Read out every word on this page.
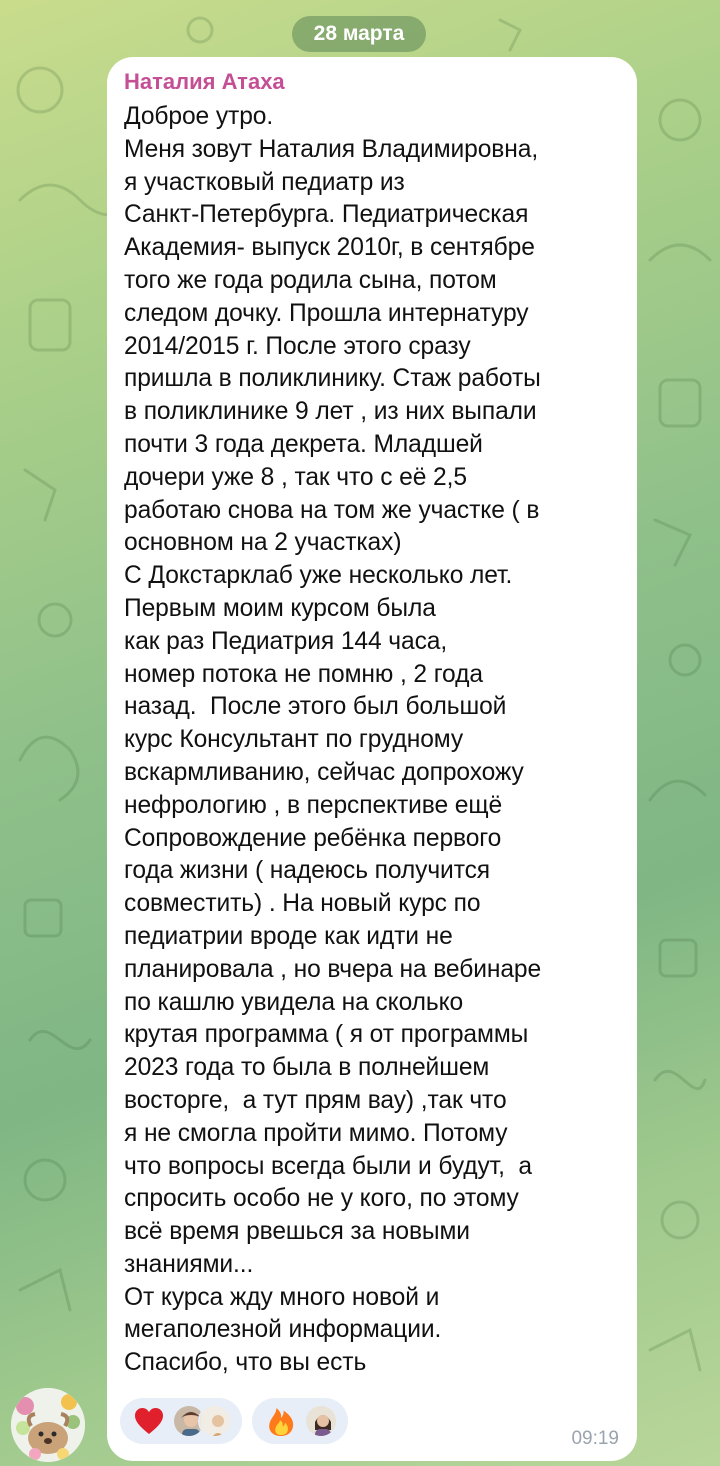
28 марта
Наталия Атаха
Доброе утро.
Меня зовут Наталия Владимировна,
я участковый педиатр из
Санкт-Петербурга. Педиатрическая
Академия- выпуск 2010г, в сентябре
того же года родила сына, потом
следом дочку. Прошла интернатуру
2014/2015 г. После этого сразу
пришла в поликлинику. Стаж работы
в поликлинике 9 лет , из них выпали
почти 3 года декрета. Младшей
дочери уже 8 , так что с её 2,5
работаю снова на том же участке ( в
основном на 2 участках)
С Докстарклаб уже несколько лет.
Первым моим курсом была
как раз Педиатрия 144 часа,
номер потока не помню , 2 года
назад.  После этого был большой
курс Консультант по грудному
вскармливанию, сейчас допрохожу
нефрологию , в перспективе ещё
Сопровождение ребёнка первого
года жизни ( надеюсь получится
совместить) . На новый курс по
педиатрии вроде как идти не
планировала , но вчера на вебинаре
по кашлю увидела на сколько
крутая программа ( я от программы
2023 года то была в полнейшем
восторге,  а тут прям вау) ,так что
я не смогла пройти мимо. Потому
что вопросы всегда были и будут,  а
спросить особо не у кого, по этому
всё время рвешься за новыми
знаниями...
От курса жду много новой и
мегаполезной информации.
Спасибо, что вы есть
09:19
